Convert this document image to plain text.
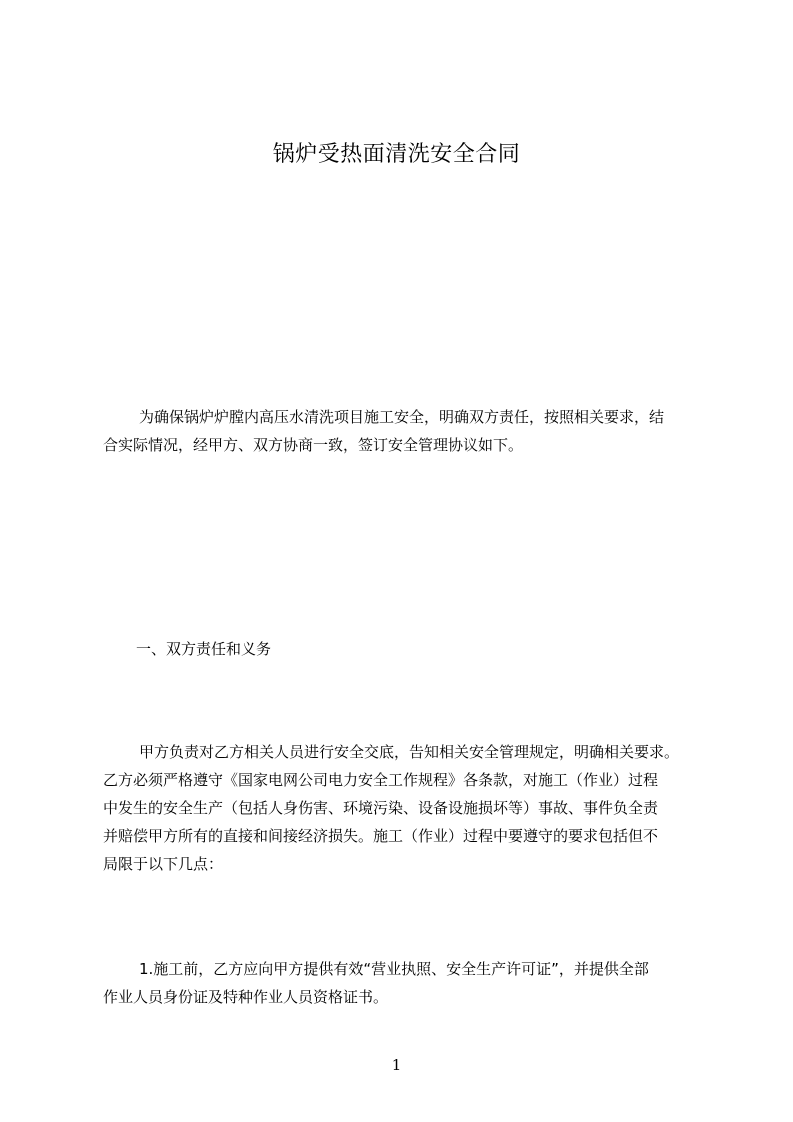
锅炉受热面清洗安全合同
为确保锅炉炉膛内高压水清洗项目施工安全，明确双方责任，按照相关要求，结
合实际情况，经甲方、双方协商一致，签订安全管理协议如下。
一、双方责任和义务
甲方负责对乙方相关人员进行安全交底，告知相关安全管理规定，明确相关要求。
乙方必须严格遵守《国家电网公司电力安全工作规程》各条款，对施工（作业）过程
中发生的安全生产（包括人身伤害、环境污染、设备设施损坏等）事故、事件负全责
并赔偿甲方所有的直接和间接经济损失。施工（作业）过程中要遵守的要求包括但不
局限于以下几点：
1.施工前，乙方应向甲方提供有效“营业执照、安全生产许可证”，并提供全部
作业人员身份证及特种作业人员资格证书。
1
